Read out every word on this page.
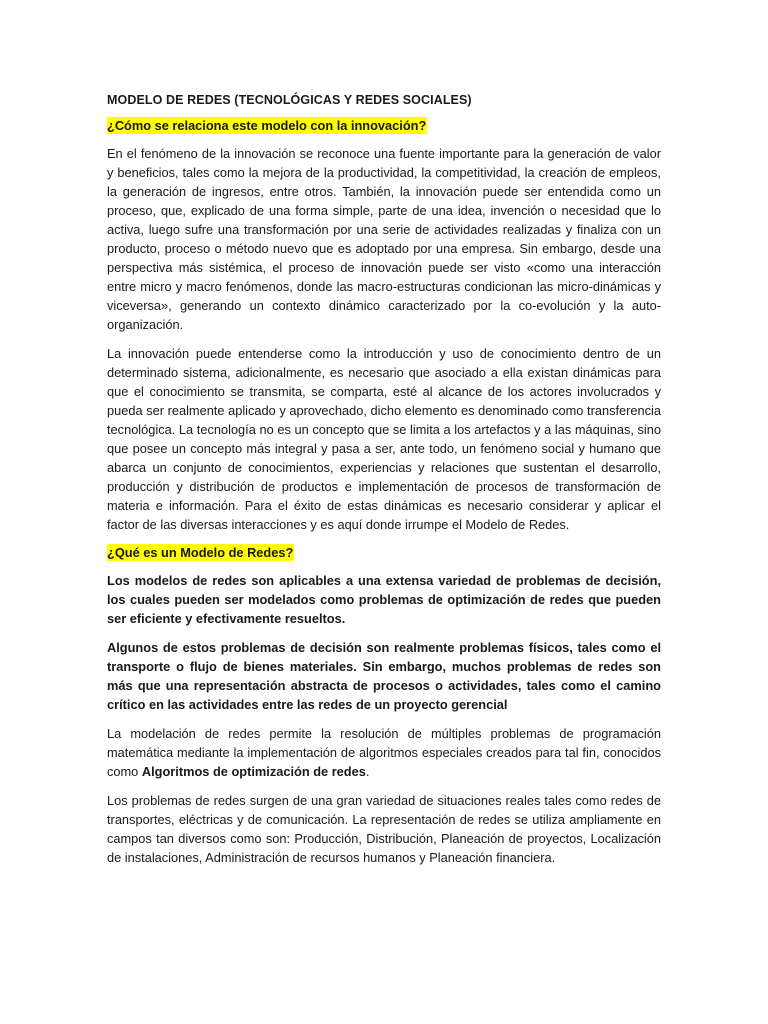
MODELO DE REDES (TECNOLÓGICAS Y REDES SOCIALES)
¿Cómo se relaciona este modelo con la innovación?

En el fenómeno de la innovación se reconoce una fuente importante para la generación de valor y beneficios, tales como la mejora de la productividad, la competitividad, la creación de empleos, la generación de ingresos, entre otros. También, la innovación puede ser entendida como un proceso, que, explicado de una forma simple, parte de una idea, invención o necesidad que lo activa, luego sufre una transformación por una serie de actividades realizadas y finaliza con un producto, proceso o método nuevo que es adoptado por una empresa. Sin embargo, desde una perspectiva más sistémica, el proceso de innovación puede ser visto «como una interacción entre micro y macro fenómenos, donde las macro-estructuras condicionan las micro-dinámicas y viceversa», generando un contexto dinámico caracterizado por la co-evolución y la auto-organización.

La innovación puede entenderse como la introducción y uso de conocimiento dentro de un determinado sistema, adicionalmente, es necesario que asociado a ella existan dinámicas para que el conocimiento se transmita, se comparta, esté al alcance de los actores involucrados y pueda ser realmente aplicado y aprovechado, dicho elemento es denominado como transferencia tecnológica. La tecnología no es un concepto que se limita a los artefactos y a las máquinas, sino que posee un concepto más integral y pasa a ser, ante todo, un fenómeno social y humano que abarca un conjunto de conocimientos, experiencias y relaciones que sustentan el desarrollo, producción y distribución de productos e implementación de procesos de transformación de materia e información. Para el éxito de estas dinámicas es necesario considerar y aplicar el factor de las diversas interacciones y es aquí donde irrumpe el Modelo de Redes.

¿Qué es un Modelo de Redes?

Los modelos de redes son aplicables a una extensa variedad de problemas de decisión, los cuales pueden ser modelados como problemas de optimización de redes que pueden ser eficiente y efectivamente resueltos.

Algunos de estos problemas de decisión son realmente problemas físicos, tales como el transporte o flujo de bienes materiales. Sin embargo, muchos problemas de redes son más que una representación abstracta de procesos o actividades, tales como el camino crítico en las actividades entre las redes de un proyecto gerencial

La modelación de redes permite la resolución de múltiples problemas de programación matemática mediante la implementación de algoritmos especiales creados para tal fin, conocidos como Algoritmos de optimización de redes.

Los problemas de redes surgen de una gran variedad de situaciones reales tales como redes de transportes, eléctricas y de comunicación. La representación de redes se utiliza ampliamente en campos tan diversos como son: Producción, Distribución, Planeación de proyectos, Localización de instalaciones, Administración de recursos humanos y Planeación financiera.
